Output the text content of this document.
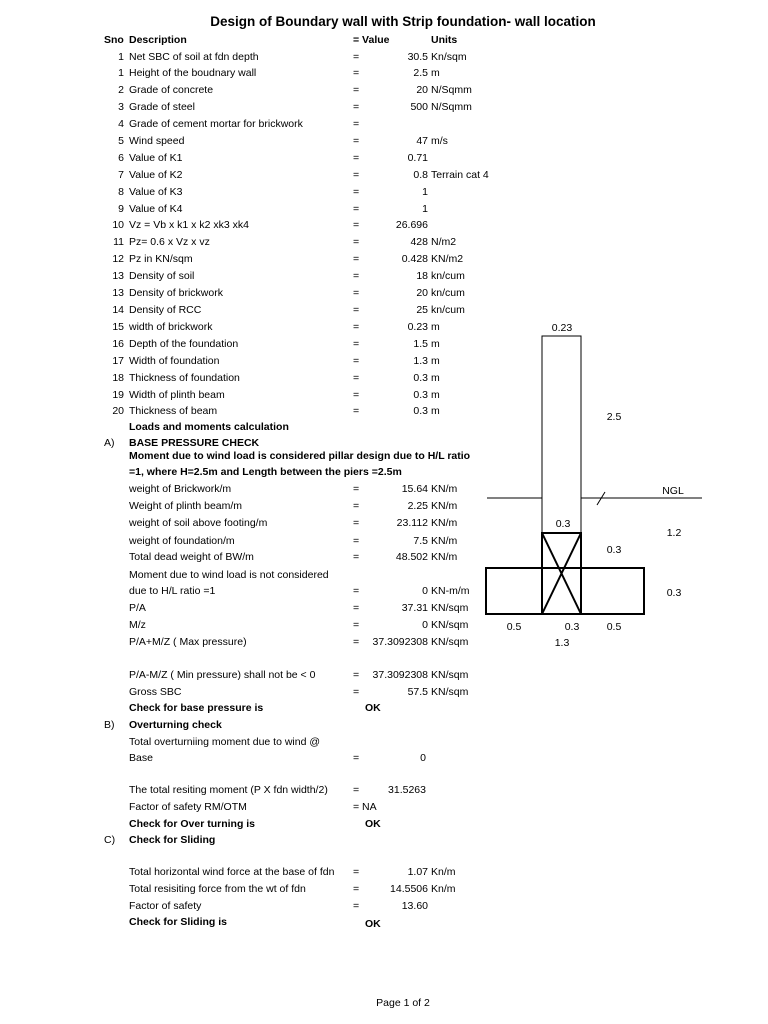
Design of Boundary wall with Strip foundation- wall location
Sno Description	= Value	Units
1 Net SBC of soil at fdn depth	=	30.5 Kn/sqm
1 Height of the boudnary wall	=	2.5 m
2 Grade of concrete	=	20 N/Sqmm
3 Grade of steel	=	500 N/Sqmm
4 Grade of cement mortar for brickwork	=
5 Wind speed	=	47 m/s
6 Value of K1	=	0.71
7 Value of K2	=	0.8 Terrain cat 4
8 Value of K3	=	1
9 Value of K4	=	1
10 Vz = Vb x k1 x k2 xk3 xk4	=	26.696
11 Pz= 0.6 x Vz x vz	=	428 N/m2
12 Pz in KN/sqm	=	0.428 KN/m2
13 Density of soil	=	18 kn/cum
13 Density of brickwork	=	20 kn/cum
14 Density of RCC	=	25 kn/cum
15 width of brickwork	=	0.23 m
16 Depth of the foundation	=	1.5 m
17 Width of foundation	=	1.3 m
18 Thickness of foundation	=	0.3 m
19 Width of plinth beam	=	0.3 m
20 Thickness of beam	=	0.3 m
Loads and moments calculation
A) BASE PRESSURE CHECK
Moment due to wind load is considered pillar design due to H/L ratio
=1, where H=2.5m and Length between the piers =2.5m
weight of Brickwork/m	=	15.64 KN/m
Weight of plinth beam/m	=	2.25 KN/m
weight of soil above footing/m	=	23.112 KN/m
weight of foundation/m	=	7.5 KN/m
Total dead weight of BW/m	=	48.502 KN/m
Moment due to wind load is not considered
due to H/L ratio =1	=	0 KN-m/m
P/A	=	37.31 KN/sqm
M/z	=	0 KN/sqm
P/A+M/Z ( Max pressure)	=	37.3092308 KN/sqm
P/A-M/Z ( Min pressure) shall not be < 0	=	37.3092308 KN/sqm
Gross SBC	=	57.5 KN/sqm
Check for base pressure is	OK
B) Overturning check
Total overturniing moment due to wind @
Base	=	0
The total resiting moment (P X fdn width/2) =	31.5263
Factor of safety RM/OTM	= NA
Check for Over turning is	OK
C) Check for Sliding
Total horizontal wind force at the base of fdn =	1.07 Kn/m
Total resisiting force from the wt of fdn	=	14.5506 Kn/m
Factor of safety	=	13.60
Check for Sliding is	OK
Page 1 of 2
0.23
2.5
NGL
0.3
1.2
0.3
0.3
0.5	0.3	0.5
1.3
